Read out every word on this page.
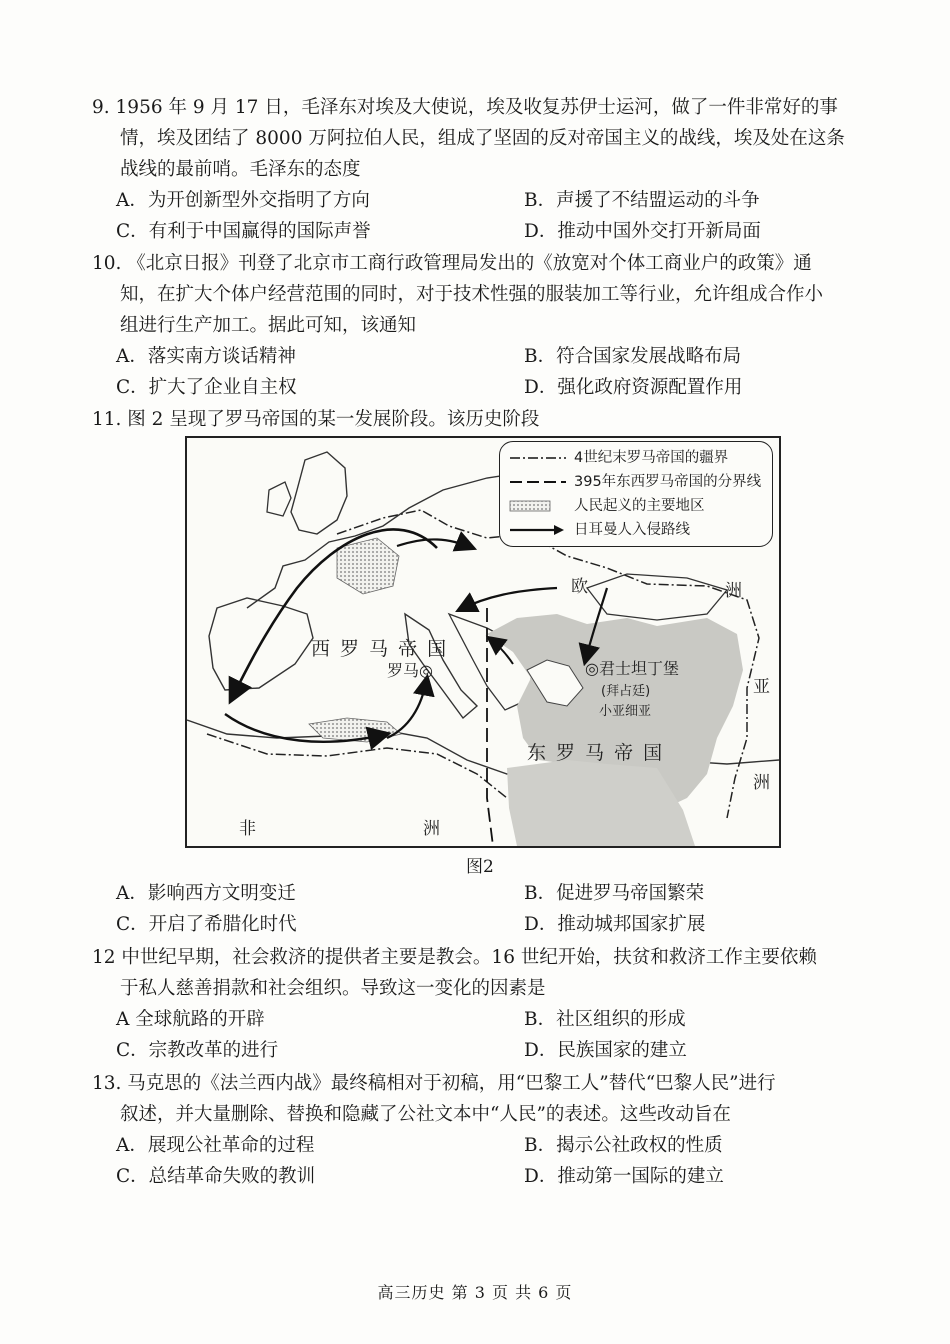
9. 1956 年 9 月 17 日，毛泽东对埃及大使说，埃及收复苏伊士运河，做了一件非常好的事
情，埃及团结了 8000 万阿拉伯人民，组成了坚固的反对帝国主义的战线，埃及处在这条
战线的最前哨。毛泽东的态度
A．为开创新型外交指明了方向	B．声援了不结盟运动的斗争
C．有利于中国赢得的国际声誉	D．推动中国外交打开新局面
10. 《北京日报》刊登了北京市工商行政管理局发出的《放宽对个体工商业户的政策》通
知，在扩大个体户经营范围的同时，对于技术性强的服装加工等行业，允许组成合作小
组进行生产加工。据此可知，该通知
A．落实南方谈话精神	B．符合国家发展战略布局
C．扩大了企业自主权	D．强化政府资源配置作用
11. 图 2 呈现了罗马帝国的某一发展阶段。该历史阶段
4世纪末罗马帝国的疆界
395年东西罗马帝国的分界线
人民起义的主要地区
日耳曼人入侵路线
西 罗 马 帝 国
东 罗 马 帝 国
罗马◎	◎君士坦丁堡
(拜占廷)
小亚细亚
欧	洲
亚
洲
非	洲
图2
A．影响西方文明变迁	B．促进罗马帝国繁荣
C．开启了希腊化时代	D．推动城邦国家扩展
12 中世纪早期，社会救济的提供者主要是教会。16 世纪开始，扶贫和救济工作主要依赖
于私人慈善捐款和社会组织。导致这一变化的因素是
A 全球航路的开辟	B．社区组织的形成
C．宗教改革的进行	D．民族国家的建立
13. 马克思的《法兰西内战》最终稿相对于初稿，用“巴黎工人”替代“巴黎人民”进行
叙述，并大量删除、替换和隐藏了公社文本中“人民”的表述。这些改动旨在
A．展现公社革命的过程	B．揭示公社政权的性质
C．总结革命失败的教训	D．推动第一国际的建立
高三历史 第 3 页 共 6 页
